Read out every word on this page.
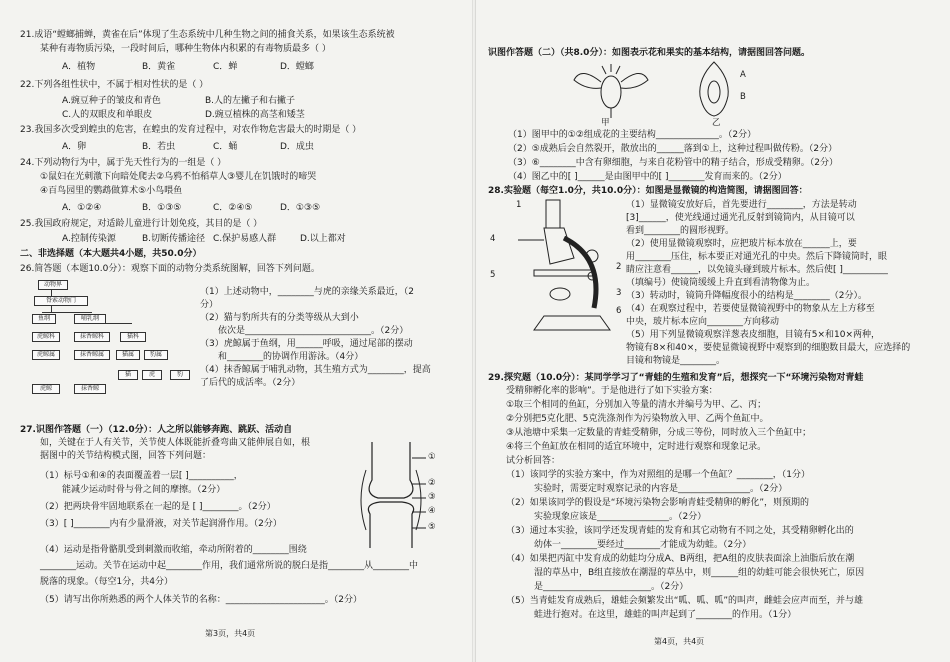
21.成语“螳螂捕蝉，黄雀在后”体现了生态系统中几种生物之间的捕食关系，如果该生态系统被
某种有毒物质污染，一段时间后，哪种生物体内积累的有毒物质最多（ ）
A．植物	B．黄雀	C．蝉	D．螳螂
22.下列各组性状中，不属于相对性状的是（ ）
A.豌豆种子的皱皮和青色	B.人的左撇子和右撇子
C.人的双眼皮和单眼皮	D.豌豆植株的高茎和矮茎
23.我国多次受到蝗虫的危害，在蝗虫的发育过程中，对农作物危害最大的时期是（ ）
A．卵	B．若虫	C．蛹	D．成虫
24.下列动物行为中，属于先天性行为的一组是（ ）
①鼠妇在光刺激下向暗处爬去②乌鸦不怕稻草人③婴儿在饥饿时的啼哭
④百鸟园里的鹦鹉做算术⑤小鸟喂鱼
A．①②④	B．①③⑤	C．②④⑤	D．①③⑤
25.我国政府规定，对适龄儿童进行计划免疫，其目的是（ ）
A.控制传染源	B.切断传播途径 C.保护易感人群	D.以上都对
二、非选择题（本大题共4小题，共50.0分）
26.简答题（本题10.0分）：观察下面的动物分类系统图解，回答下列问题。
动物界
脊索动物门
鱼纲	哺乳纲
虎鲸科	抹香鲸科	猫科
虎鲸属	抹香鲸属	猫属	豹属
虎鲸	抹香鲸
猫	虎	豹
（1）上述动物中，________与虎的亲缘关系最近，（2
分）
（2）猫与豹所共有的分类等级从大到小
依次是____________________________。（2分）
（3）虎鲸属于鱼纲，用______呼吸，通过尾部的摆动
和________的协调作用游泳。（4分）
（4）抹香鲸属于哺乳动物，其生殖方式为________，提高
了后代的成活率。（2分）
27.识图作答题（一）（12.0分）：人之所以能够奔跑、跳跃、活动自
如，关键在于人有关节，关节使人体既能折叠弯曲又能伸展自如，根
据图中的关节结构模式图，回答下列问题：	①
②
③
④
⑤
（1）标号①和④的表面覆盖着一层[ ]__________，
能减少运动时骨与骨之间的摩擦。（2分）
（2）把两块骨牢固地联系在一起的是 [ ]________。（2分）
（3）[ ]________内有少量滑液，对关节起润滑作用。（2分）
（4）运动是指骨骼肌受到刺激而收缩，牵动所附着的________围绕
________运动。关节在运动中起________作用，我们通常所说的脱臼是指________从________中
脱落的现象。（每空1分，共4分）
（5）请写出你所熟悉的两个人体关节的名称：______________________。（2分）
第3页，共4页
识图作答题（二）（共8.0分）：如图表示花和果实的基本结构，请据图回答问题。
甲
A
B
乙
（1）图甲中的①②组成花的主要结构______________。（2分）
（2）⑤成熟后会自然裂开，散放出的______落到①上，这种过程叫做传粉。（2分）
（3）⑥________中含有卵细胞，与来自花粉管中的精子结合，形成受精卵。（2分）
（4）图乙中的[ ]______是由图甲中的[ ]________发育而来的。（2分）
28.实验题（每空1.0分，共10.0分）：如图是显微镜的构造简图，请据图回答：
1
2
3
4
5
6
（1）显微镜安放好后，首先要进行________，方法是转动
[3]______，使光线通过通光孔反射到镜筒内，从目镜可以
看到________的圆形视野。
（2）使用显微镜观察时，应把玻片标本放在______上，要
用________压住，标本要正对通光孔的中央。然后下降镜筒时，眼
睛应注意看______，以免镜头碰到玻片标本。然后使[ ]__________
（填编号）使镜筒缓缓上升直到看清物像为止。
（3）转动时，镜筒升降幅度很小的结构是________（2分）。
（4）在观察过程中，若要使显微镜视野中的物象从左上方移至
中央，玻片标本应向________方向移动
（5）用下列显微镜观察洋葱表皮细胞，目镜有5×和10×两种，
物镜有8×和40×，要使显微镜视野中观察到的细胞数目最大，应选择的
目镜和物镜是________。
29.探究题（10.0分）：某同学学习了“青蛙的生殖和发育”后，想探究一下“环境污染物对青蛙
受精卵孵化率的影响”。于是他进行了如下实验方案：
①取三个相同的鱼缸，分别加入等量的清水并编号为甲、乙、丙；
②分别把5克化肥、5克洗涤剂作为污染物放入甲、乙两个鱼缸中。
③从池塘中采集一定数量的青蛙受精卵，分成三等份，同时放入三个鱼缸中；
④将三个鱼缸放在相同的适宜环境中，定时进行观察和现象记录。
试分析回答：
（1）该同学的实验方案中，作为对照组的是哪一个鱼缸？________，（1分）
实验时，需要定时观察记录的内容是________________。（2分）
（2）如果该同学的假设是“环境污染物会影响青蛙受精卵的孵化”，则预期的
实验现象应该是________________。（2分）
（3）通过本实验，该同学还发现青蛙的发育和其它动物有不同之处，其受精卵孵化出的
幼体一________要经过________才能成为幼蛙。（2分）
（4）如果把丙缸中发育成的幼蛙均分成A、B两组，把A组的皮肤表面涂上油脂后放在潮
湿的草丛中，B组直接放在潮湿的草丛中，则______组的幼蛙可能会很快死亡，原因
是________________________。（2分）
（5）当青蛙发育成熟后，雄蛙会频繁发出“呱、呱、呱”的叫声，雌蛙会应声而至，并与雄
蛙进行抱对。在这里，雄蛙的叫声起到了________的作用。（1分）
第4页，共4页
